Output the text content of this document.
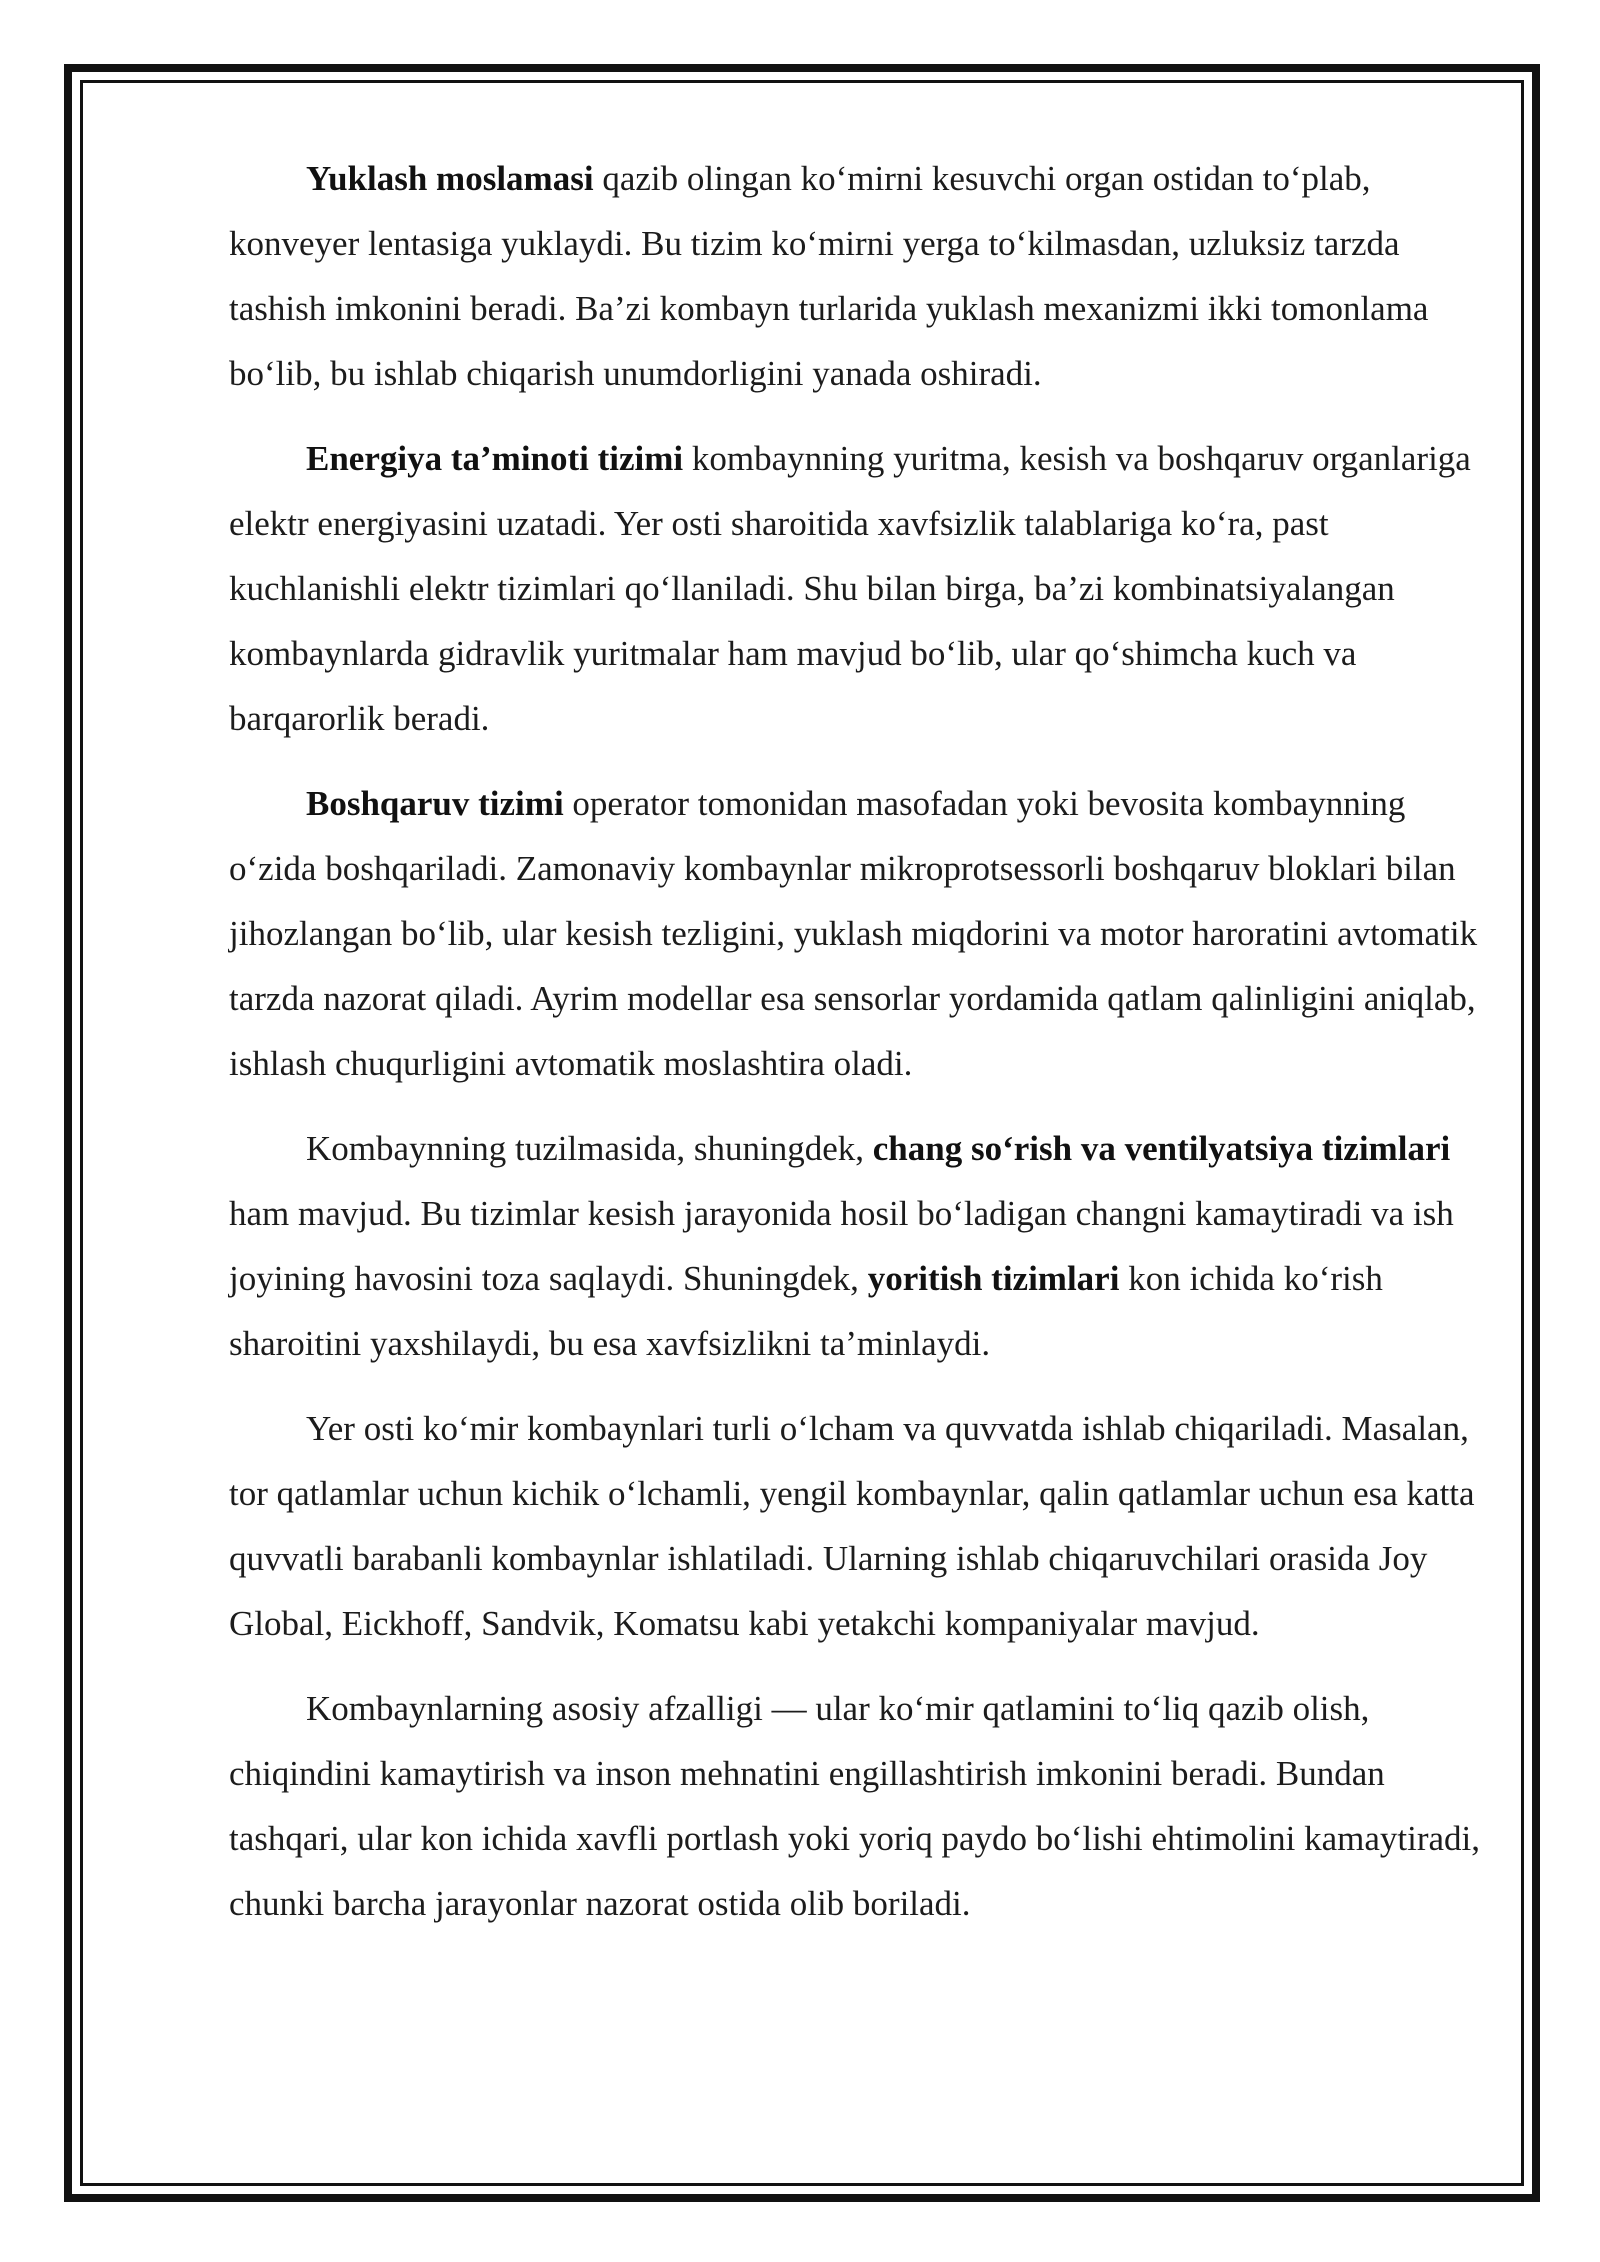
Yuklash moslamasi qazib olingan ko‘mirni kesuvchi organ ostidan to‘plab, konveyer lentasiga yuklaydi. Bu tizim ko‘mirni yerga to‘kilmasdan, uzluksiz tarzda tashish imkonini beradi. Ba’zi kombayn turlarida yuklash mexanizmi ikki tomonlama bo‘lib, bu ishlab chiqarish unumdorligini yanada oshiradi.

Energiya ta’minoti tizimi kombaynning yuritma, kesish va boshqaruv organlariga elektr energiyasini uzatadi. Yer osti sharoitida xavfsizlik talablariga ko‘ra, past kuchlanishli elektr tizimlari qo‘llaniladi. Shu bilan birga, ba’zi kombinatsiyalangan kombaynlarda gidravlik yuritmalar ham mavjud bo‘lib, ular qo‘shimcha kuch va barqarorlik beradi.

Boshqaruv tizimi operator tomonidan masofadan yoki bevosita kombaynning o‘zida boshqariladi. Zamonaviy kombaynlar mikroprotsessorli boshqaruv bloklari bilan jihozlangan bo‘lib, ular kesish tezligini, yuklash miqdorini va motor haroratini avtomatik tarzda nazorat qiladi. Ayrim modellar esa sensorlar yordamida qatlam qalinligini aniqlab, ishlash chuqurligini avtomatik moslashtira oladi.

Kombaynning tuzilmasida, shuningdek, chang so‘rish va ventilyatsiya tizimlari ham mavjud. Bu tizimlar kesish jarayonida hosil bo‘ladigan changni kamaytiradi va ish joyining havosini toza saqlaydi. Shuningdek, yoritish tizimlari kon ichida ko‘rish sharoitini yaxshilaydi, bu esa xavfsizlikni ta’minlaydi.

Yer osti ko‘mir kombaynlari turli o‘lcham va quvvatda ishlab chiqariladi. Masalan, tor qatlamlar uchun kichik o‘lchamli, yengil kombaynlar, qalin qatlamlar uchun esa katta quvvatli barabanli kombaynlar ishlatiladi. Ularning ishlab chiqaruvchilari orasida Joy Global, Eickhoff, Sandvik, Komatsu kabi yetakchi kompaniyalar mavjud.

Kombaynlarning asosiy afzalligi — ular ko‘mir qatlamini to‘liq qazib olish, chiqindini kamaytirish va inson mehnatini engillashtirish imkonini beradi. Bundan tashqari, ular kon ichida xavfli portlash yoki yoriq paydo bo‘lishi ehtimolini kamaytiradi, chunki barcha jarayonlar nazorat ostida olib boriladi.
